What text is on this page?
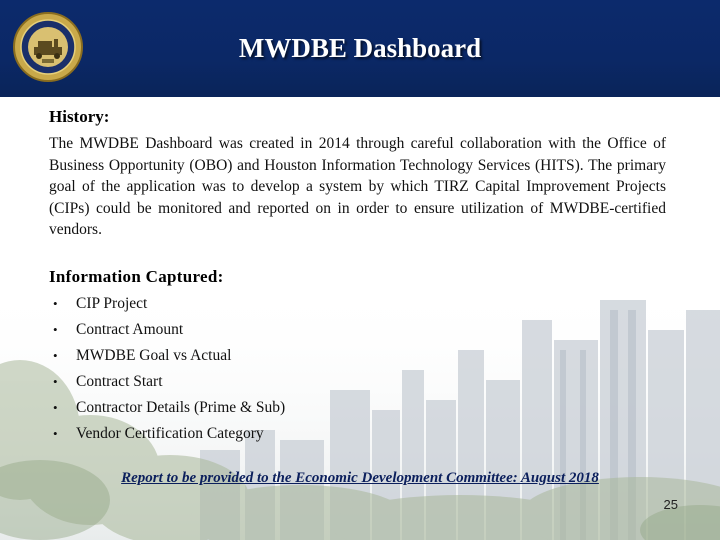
MWDBE Dashboard
History:
The MWDBE Dashboard was created in 2014 through careful collaboration with the Office of Business Opportunity (OBO) and Houston Information Technology Services (HITS). The primary goal of the application was to develop a system by which TIRZ Capital Improvement Projects (CIPs) could be monitored and reported on in order to ensure utilization of MWDBE-certified vendors.
Information Captured:
• CIP Project
• Contract Amount
• MWDBE Goal vs Actual
• Contract Start
• Contractor Details (Prime & Sub)
• Vendor Certification Category
Report to be provided to the Economic Development Committee: August 2018
25
